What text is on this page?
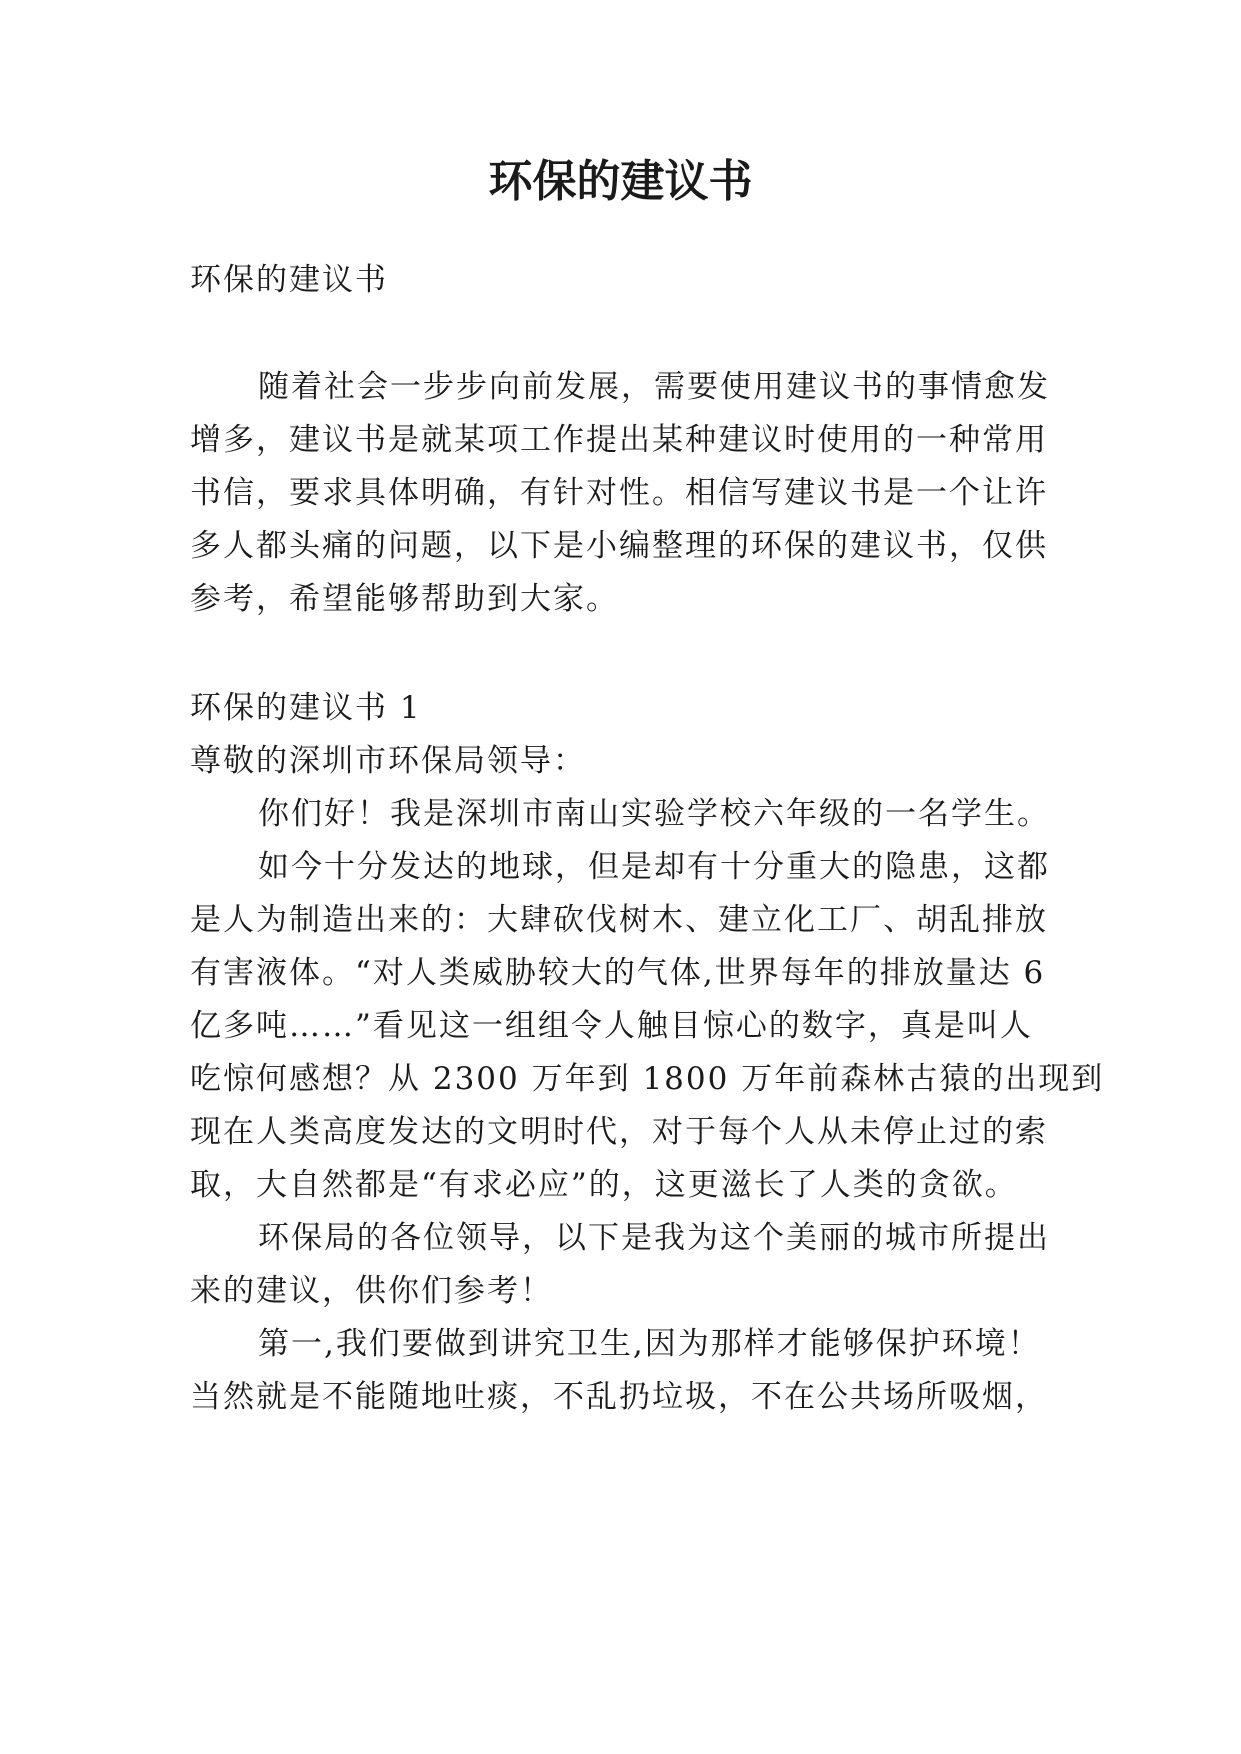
环保的建议书

环保的建议书

随着社会一步步向前发展，需要使用建议书的事情愈发

增多，建议书是就某项工作提出某种建议时使用的一种常用

书信，要求具体明确，有针对性。相信写建议书是一个让许

多人都头痛的问题，以下是小编整理的环保的建议书，仅供

参考，希望能够帮助到大家。

环保的建议书 1

尊敬的深圳市环保局领导：

你们好！我是深圳市南山实验学校六年级的一名学生。

如今十分发达的地球，但是却有十分重大的隐患，这都

是人为制造出来的：大肆砍伐树木、建立化工厂、胡乱排放

有害液体。“对人类威胁较大的气体,世界每年的排放量达 6

亿多吨……”看见这一组组令人触目惊心的数字，真是叫人

吃惊何感想？从 2300 万年到 1800 万年前森林古猿的出现到

现在人类高度发达的文明时代，对于每个人从未停止过的索

取，大自然都是“有求必应”的，这更滋长了人类的贪欲。

环保局的各位领导，以下是我为这个美丽的城市所提出

来的建议，供你们参考！

第一,我们要做到讲究卫生,因为那样才能够保护环境！

当然就是不能随地吐痰，不乱扔垃圾，不在公共场所吸烟，
